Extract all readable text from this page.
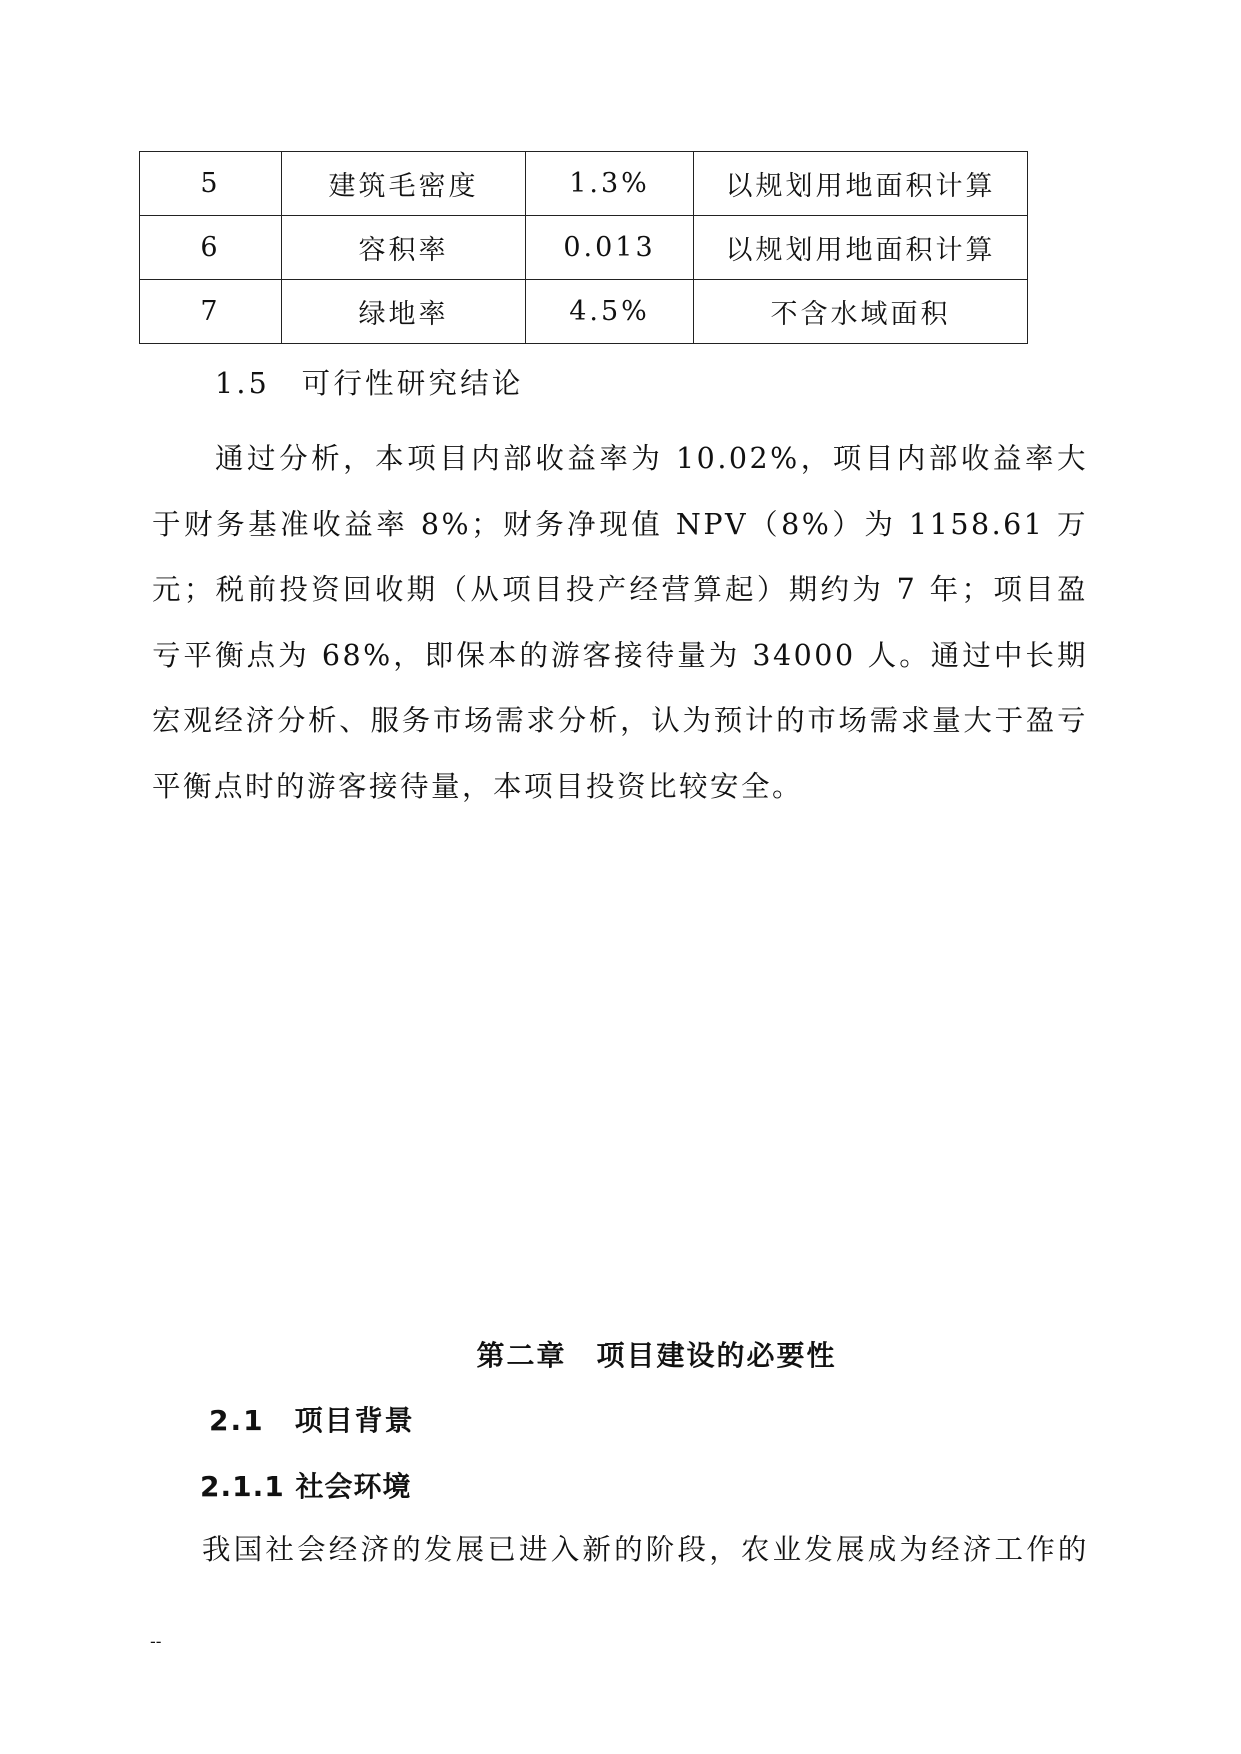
5	建筑毛密度	1.3%	以规划用地面积计算
6	容积率	0.013	以规划用地面积计算
7	绿地率	4.5%	不含水域面积
1.5　可行性研究结论
通过分析，本项目内部收益率为 10.02%，项目内部收益率大于财务基准收益率 8%；财务净现值 NPV（8%）为 1158.61 万元；税前投资回收期（从项目投产经营算起）期约为 7 年；项目盈亏平衡点为 68%，即保本的游客接待量为 34000 人。通过中长期宏观经济分析、服务市场需求分析，认为预计的市场需求量大于盈亏平衡点时的游客接待量，本项目投资比较安全。
第二章　项目建设的必要性
2.1　项目背景
2.1.1 社会环境
我国社会经济的发展已进入新的阶段，农业发展成为经济工作的
--
